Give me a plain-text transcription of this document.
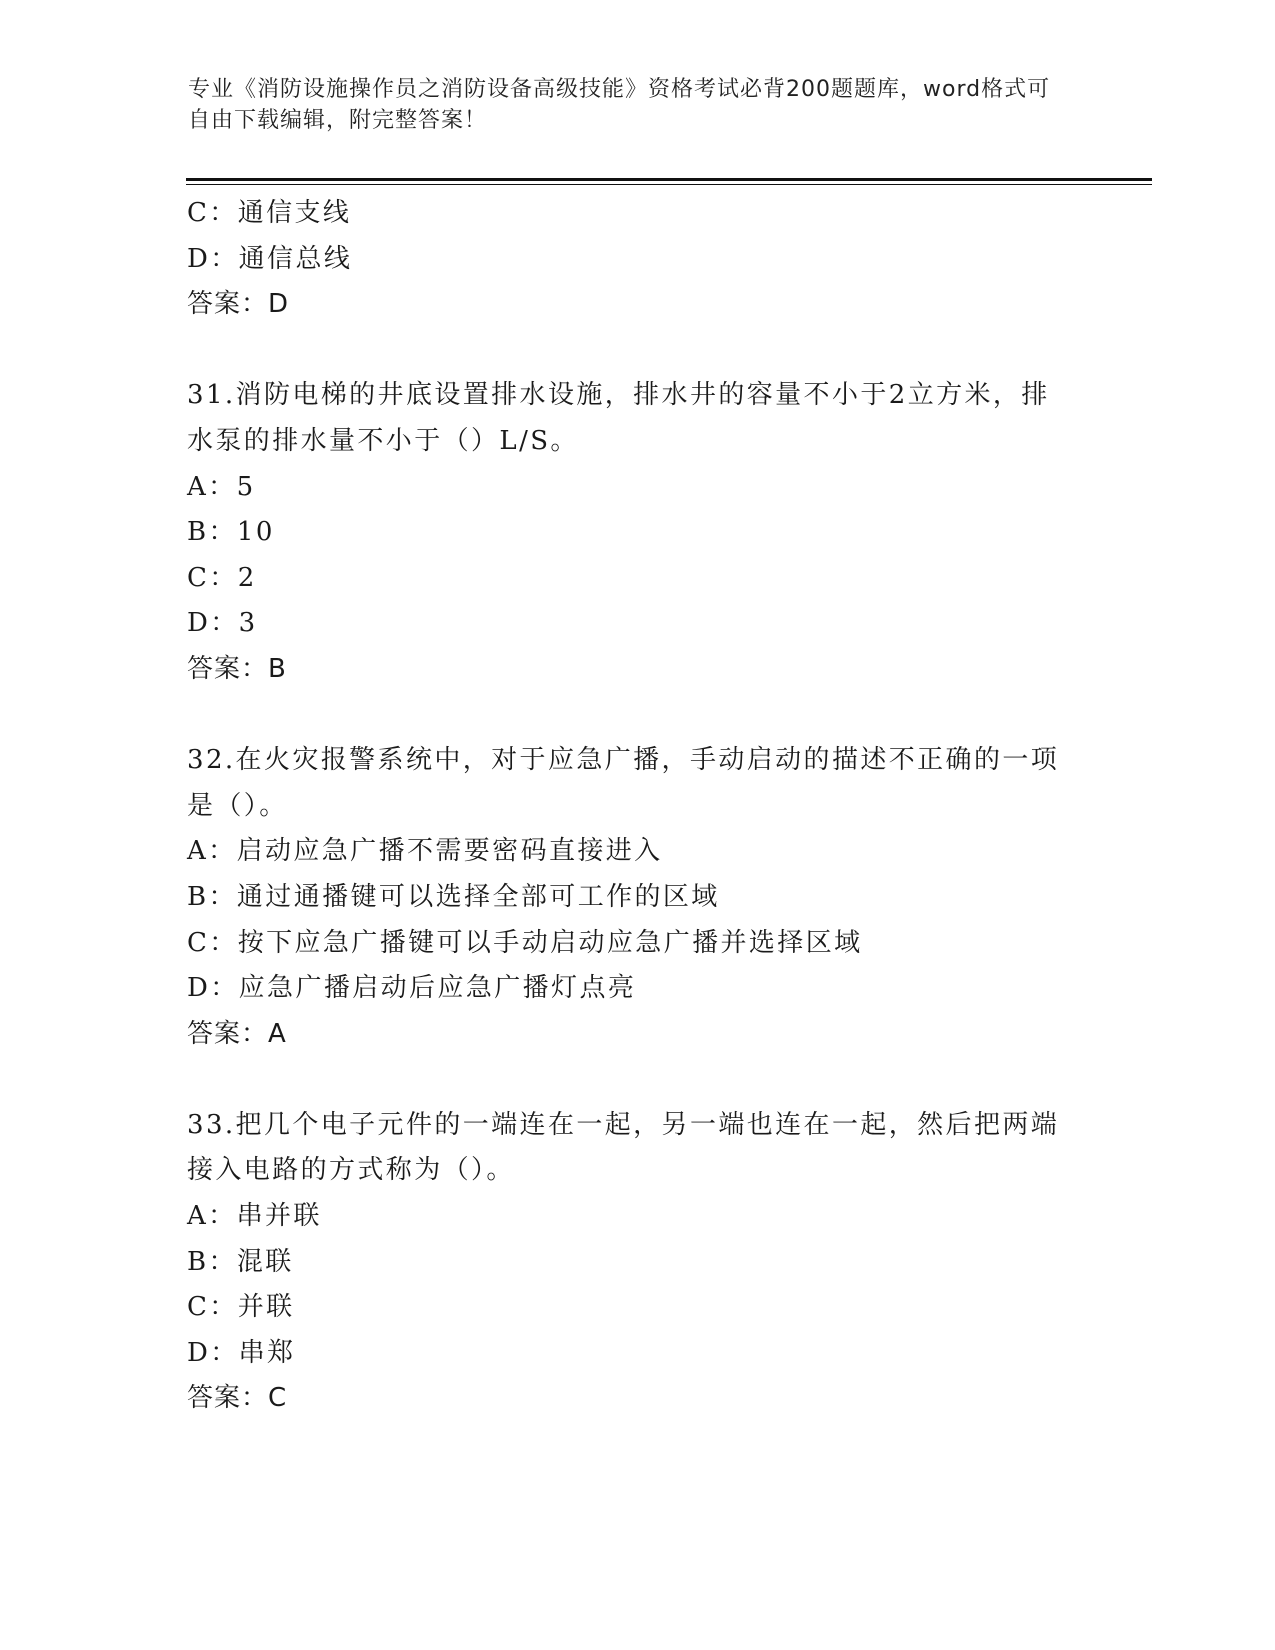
专业《消防设施操作员之消防设备高级技能》资格考试必背200题题库，word格式可自由下载编辑，附完整答案！
C：通信支线
D：通信总线
答案：D
31.消防电梯的井底设置排水设施，排水井的容量不小于2立方米，排水泵的排水量不小于（）L/S。
A：5
B：10
C：2
D：3
答案：B
32.在火灾报警系统中，对于应急广播，手动启动的描述不正确的一项是（）。
A：启动应急广播不需要密码直接进入
B：通过通播键可以选择全部可工作的区域
C：按下应急广播键可以手动启动应急广播并选择区域
D：应急广播启动后应急广播灯点亮
答案：A
33.把几个电子元件的一端连在一起，另一端也连在一起，然后把两端接入电路的方式称为（）。
A：串并联
B：混联
C：并联
D：串郑
答案：C
